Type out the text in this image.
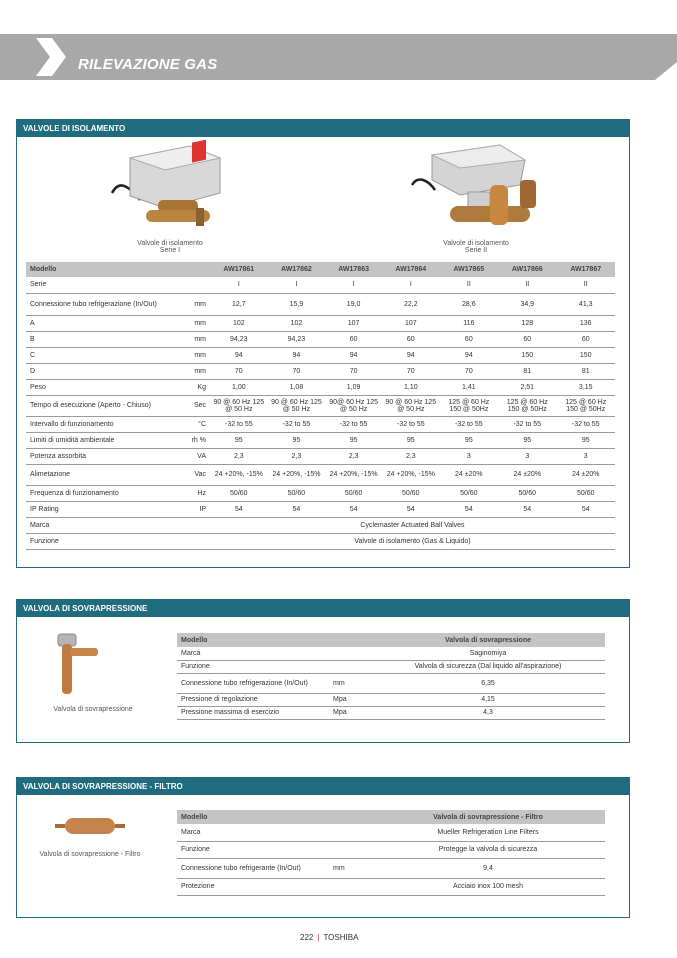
RILEVAZIONE GAS
VALVOLE DI ISOLAMENTO
Valvole di isolamento
Serie I
Valvole di isolamento
Serie II
Modello		AW17861	AW17862	AW17863	AW17864	AW17865	AW17866	AW17867
Serie		I	I	I	I	II	II	II
Connessione tubo refrigerazione (In/Out)	mm	12,7	15,9	19,0	22,2	28,6	34,9	41,3
A	mm	102	102	107	107	116	128	136
B	mm	94,23	94,23	60	60	60	60	60
C	mm	94	94	94	94	94	150	150
D	mm	70	70	70	70	70	81	81
Peso	Kg	1,00	1,08	1,09	1,10	1,41	2,51	3,15
Tempo di esecuzione (Aperto - Chiuso)	Sec	90 @ 60 Hz 125 @ 50 Hz	90 @ 60 Hz 125 @ 50 Hz	90@ 60 Hz 125 @ 50 Hz	90 @ 60 Hz 125 @ 50 Hz	125 @ 60 Hz 150 @ 50Hz	125 @ 60 Hz 150 @ 50Hz	125 @ 60 Hz 150 @ 50Hz
Intervallo di funzionamento	°C	-32 to 55	-32 to 55	-32 to 55	-32 to 55	-32 to 55	-32 to 55	-32 to 55
Limiti di umidità ambientale	rh %	95	95	95	95	95	95	95
Potenza assorbita	VA	2,3	2,3	2,3	2,3	3	3	3
Alimetazione	Vac	24 +20%, -15%	24 +20%, -15%	24 +20%, -15%	24 +20%, -15%	24 ±20%	24 ±20%	24 ±20%
Frequenza di funzionamento	Hz	50/60	50/60	50/60	50/60	50/60	50/60	50/60
IP Rating	IP	54	54	54	54	54	54	54
Marca		Cyclemaster Actuated Ball Valves						
Funzione		Valvole di isolamento (Gas & Liquido)						
VALVOLA DI SOVRAPRESSIONE
Valvola di sovrapressione
Modello		Valvola di sovrapressione
Marca		Saginomiya
Funzione		Valvola di sicurezza (Dal liquido all'aspirazione)
Connessione tubo refrigerazione (In/Out)	mm	6,35
Pressione di regolazione	Mpa	4,15
Pressione massima di esercizio	Mpa	4,3
VALVOLA DI SOVRAPRESSIONE - FILTRO
Valvola di sovrapressione - Filtro
Modello		Valvola di sovrapressione - Filtro
Marca		Mueller Refrigeration Line Filters
Funzione		Protegge la valvola di sicurezza
Connessione tubo refrigerante (In/Out)	mm	9,4
Protezione		Acciaio inox 100 mesh
222 | TOSHIBA
